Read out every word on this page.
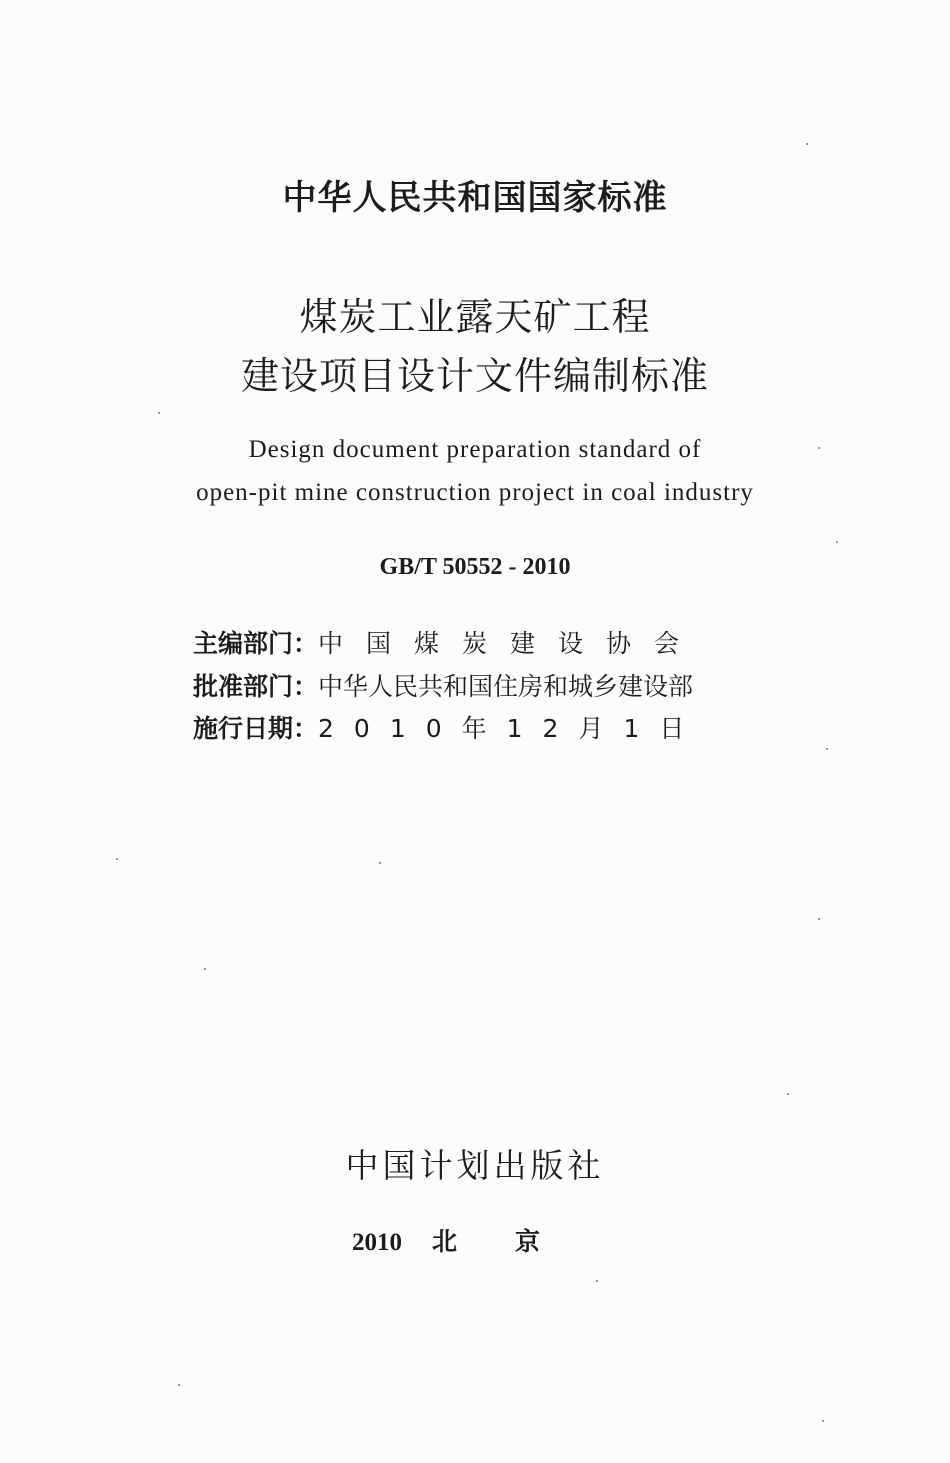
中华人民共和国国家标准
煤炭工业露天矿工程
建设项目设计文件编制标准
Design document preparation standard of
open-pit mine construction project in coal industry
GB/T 50552 - 2010
主编部门：中国煤炭建设协会
批准部门：中华人民共和国住房和城乡建设部
施行日期：2010年12月1日
中国计划出版社
2010 北京
